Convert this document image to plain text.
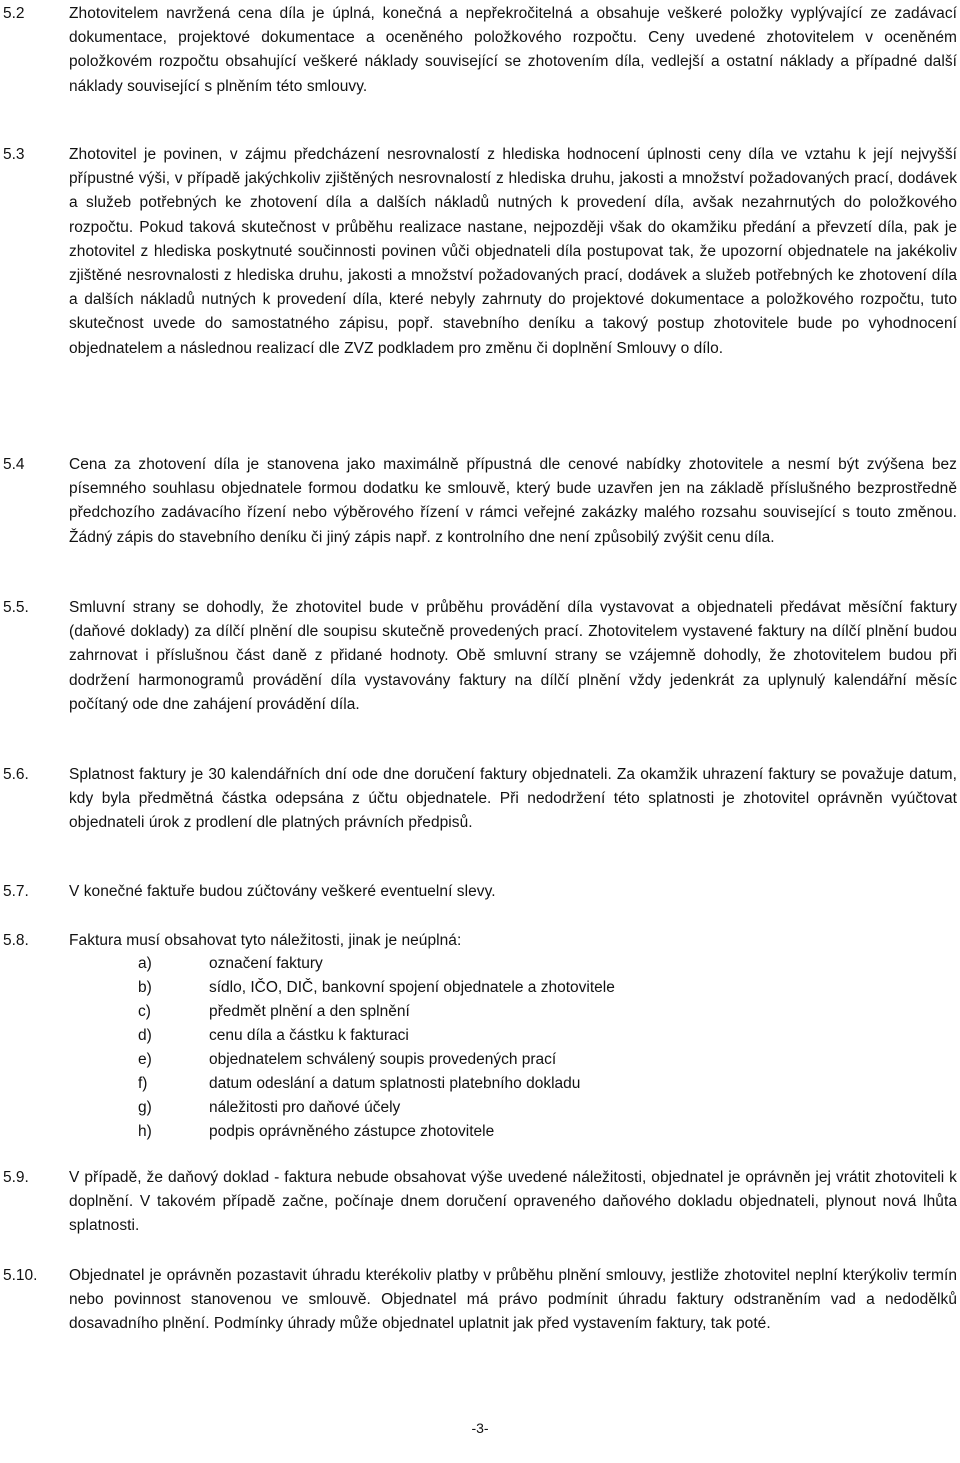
5.2	Zhotovitelem navržená cena díla je úplná, konečná a nepřekročitelná a obsahuje veškeré položky vyplývající ze zadávací dokumentace, projektové dokumentace a oceněného položkového rozpočtu. Ceny uvedené zhotovitelem v oceněném položkovém rozpočtu obsahující veškeré náklady související se zhotovením díla, vedlejší a ostatní náklady a případné další náklady související s plněním této smlouvy.
5.3	Zhotovitel je povinen, v zájmu předcházení nesrovnalostí z hlediska hodnocení úplnosti ceny díla ve vztahu k její nejvyšší přípustné výši, v případě jakýchkoliv zjištěných nesrovnalostí z hlediska druhu, jakosti a množství požadovaných prací, dodávek a služeb potřebných ke zhotovení díla a dalších nákladů nutných k provedení díla, avšak nezahrnutých do položkového rozpočtu. Pokud taková skutečnost v průběhu realizace nastane, nejpozději však do okamžiku předání a převzetí díla, pak je zhotovitel z hlediska poskytnuté součinnosti povinen vůči objednateli díla postupovat tak, že upozorní objednatele na jakékoliv zjištěné nesrovnalosti z hlediska druhu, jakosti a množství požadovaných prací, dodávek a služeb potřebných ke zhotovení díla a dalších nákladů nutných k provedení díla, které nebyly zahrnuty do projektové dokumentace a položkového rozpočtu, tuto skutečnost uvede do samostatného zápisu, popř. stavebního deníku a takový postup zhotovitele bude po vyhodnocení objednatelem a následnou realizací dle ZVZ podkladem pro změnu či doplnění Smlouvy o dílo.
5.4	Cena za zhotovení díla je stanovena jako maximálně přípustná dle cenové nabídky zhotovitele a nesmí být zvýšena bez písemného souhlasu objednatele formou dodatku ke smlouvě, který bude uzavřen jen na základě příslušného bezprostředně předchozího zadávacího řízení nebo výběrového řízení v rámci veřejné zakázky malého rozsahu související s touto změnou. Žádný zápis do stavebního deníku či jiný zápis např. z kontrolního dne není způsobilý zvýšit cenu díla.
5.5.	Smluvní strany se dohodly, že zhotovitel bude v průběhu provádění díla vystavovat a objednateli předávat měsíční faktury (daňové doklady) za dílčí plnění dle soupisu skutečně provedených prací. Zhotovitelem vystavené faktury na dílčí plnění budou zahrnovat i příslušnou část daně z přidané hodnoty. Obě smluvní strany se vzájemně dohodly, že zhotovitelem budou při dodržení harmonogramů provádění díla vystavovány faktury na dílčí plnění vždy jedenkrát za uplynulý kalendářní měsíc počítaný ode dne zahájení provádění díla.
5.6.	Splatnost faktury je 30 kalendářních dní ode dne doručení faktury objednateli. Za okamžik uhrazení faktury se považuje datum, kdy byla předmětná částka odepsána z účtu objednatele. Při nedodržení této splatnosti je zhotovitel oprávněn vyúčtovat objednateli úrok z prodlení dle platných právních předpisů.
5.7.	V konečné faktuře budou zúčtovány veškeré eventuelní slevy.
5.8.	Faktura musí obsahovat tyto náležitosti, jinak je neúplná:
a)	označení faktury
b)	sídlo, IČO, DIČ, bankovní spojení objednatele a zhotovitele
c)	předmět plnění a den splnění
d)	cenu díla a částku k fakturaci
e)	objednatelem schválený soupis provedených prací
f)	datum odeslání a datum splatnosti platebního dokladu
g)	náležitosti pro daňové účely
h)	podpis oprávněného zástupce zhotovitele
5.9.	V případě, že daňový doklad - faktura nebude obsahovat výše uvedené náležitosti, objednatel je oprávněn jej vrátit zhotoviteli k doplnění. V takovém případě začne, počínaje dnem doručení opraveného daňového dokladu objednateli, plynout nová lhůta splatnosti.
5.10.	Objednatel je oprávněn pozastavit úhradu kterékoliv platby v průběhu plnění smlouvy, jestliže zhotovitel neplní kterýkoliv termín nebo povinnost stanovenou ve smlouvě. Objednatel má právo podmínit úhradu faktury odstraněním vad a nedodělků dosavadního plnění. Podmínky úhrady může objednatel uplatnit jak před vystavením faktury, tak poté.
-3-
